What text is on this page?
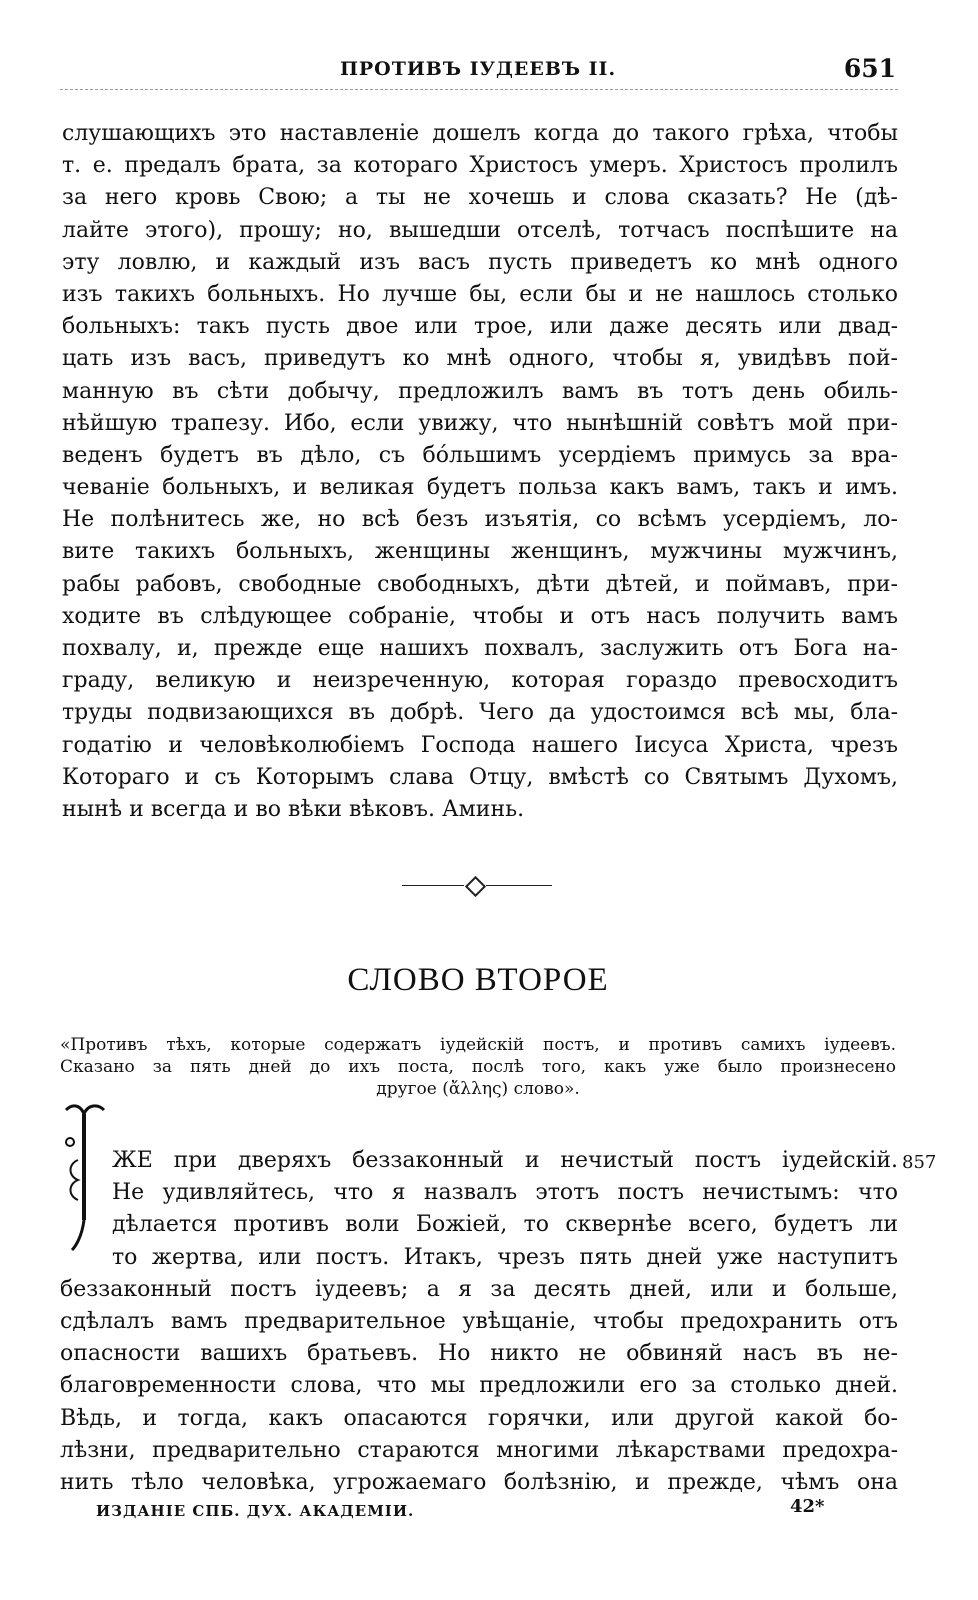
ПРОТИВЪ ІУДЕЕВЪ II.	651
слушающихъ это наставленіе дошелъ когда до такого грѣха, чтобы
т. е. предалъ брата, за котораго Христосъ умеръ. Христосъ пролилъ
за него кровь Свою; а ты не хочешь и слова сказать? Не (дѣ-
лайте этого), прошу; но, вышедши отселѣ, тотчасъ поспѣшите на
эту ловлю, и каждый изъ васъ пусть приведетъ ко мнѣ одного
изъ такихъ больныхъ. Но лучше бы, если бы и не нашлось столько
больныхъ: такъ пусть двое или трое, или даже десять или двад-
цать изъ васъ, приведутъ ко мнѣ одного, чтобы я, увидѣвъ пой-
манную въ сѣти добычу, предложилъ вамъ въ тотъ день обиль-
нѣйшую трапезу. Ибо, если увижу, что нынѣшній совѣтъ мой при-
веденъ будетъ въ дѣло, съ бóльшимъ усердіемъ примусь за вра-
чеваніе больныхъ, и великая будетъ польза какъ вамъ, такъ и имъ.
Не полѣнитесь же, но всѣ безъ изъятія, со всѣмъ усердіемъ, ло-
вите такихъ больныхъ, женщины женщинъ, мужчины мужчинъ,
рабы рабовъ, свободные свободныхъ, дѣти дѣтей, и поймавъ, при-
ходите въ слѣдующее собраніе, чтобы и отъ насъ получить вамъ
похвалу, и, прежде еще нашихъ похвалъ, заслужить отъ Бога на-
граду, великую и неизреченную, которая гораздо превосходитъ
труды подвизающихся въ добрѣ. Чего да удостоимся всѣ мы, бла-
годатію и человѣколюбіемъ Господа нашего Іисуса Христа, чрезъ
Котораго и съ Которымъ слава Отцу, вмѣстѣ со Святымъ Духомъ,
нынѣ и всегда и во вѣки вѣковъ. Аминь.
СЛОВО ВТОРОЕ
«Противъ тѣхъ, которые содержатъ іудейскій постъ, и противъ самихъ іудеевъ.
Сказано за пять дней до ихъ поста, послѣ того, какъ уже было произнесено
другое (ἄλλης) слово».
857
ЖЕ при дверяхъ беззаконный и нечистый постъ іудейскій.
Не удивляйтесь, что я назвалъ этотъ постъ нечистымъ: что
дѣлается противъ воли Божіей, то сквернѣе всего, будетъ ли
то жертва, или постъ. Итакъ, чрезъ пять дней уже наступитъ
беззаконный постъ іудеевъ; а я за десять дней, или и больше,
сдѣлалъ вамъ предварительное увѣщаніе, чтобы предохранить отъ
опасности вашихъ братьевъ. Но никто не обвиняй насъ въ не-
благовременности слова, что мы предложили его за столько дней.
Вѣдь, и тогда, какъ опасаются горячки, или другой какой бо-
лѣзни, предварительно стараются многими лѣкарствами предохра-
нить тѣло человѣка, угрожаемаго болѣзнію, и прежде, чѣмъ она
ИЗДАНІЕ СПБ. ДУХ. АКАДЕМІИ.	42*
